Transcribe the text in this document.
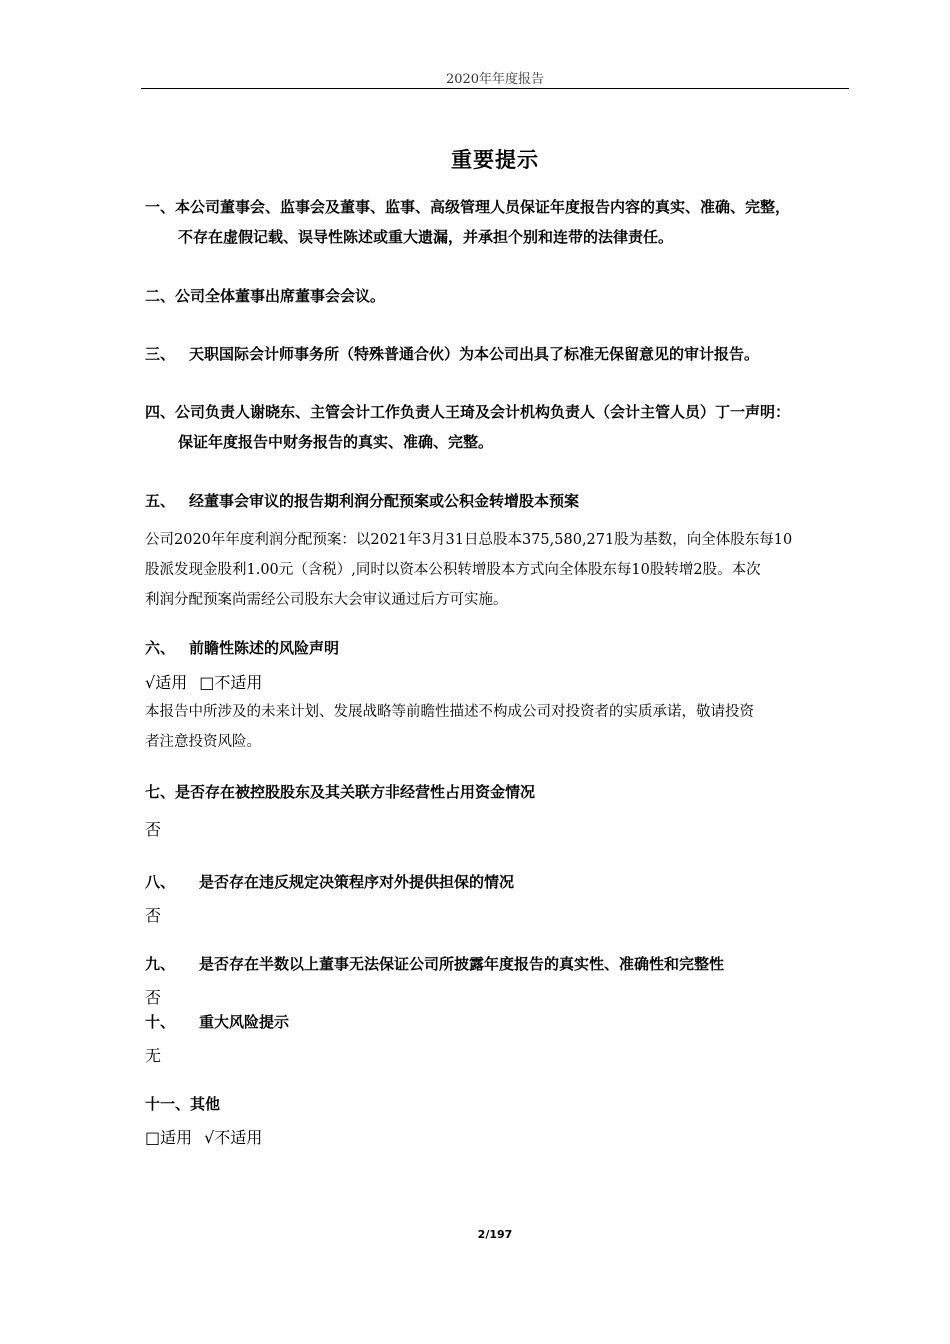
2020年年度报告
重要提示
一、本公司董事会、监事会及董事、监事、高级管理人员保证年度报告内容的真实、准确、完整，
不存在虚假记载、误导性陈述或重大遗漏，并承担个别和连带的法律责任。
二、公司全体董事出席董事会会议。
三、 天职国际会计师事务所（特殊普通合伙）为本公司出具了标准无保留意见的审计报告。
四、公司负责人谢晓东、主管会计工作负责人王琦及会计机构负责人（会计主管人员）丁一声明：
保证年度报告中财务报告的真实、准确、完整。
五、 经董事会审议的报告期利润分配预案或公积金转增股本预案
公司2020年年度利润分配预案：以2021年3月31日总股本375,580,271股为基数，向全体股东每10
股派发现金股利1.00元（含税）,同时以资本公积转增股本方式向全体股东每10股转增2股。本次
利润分配预案尚需经公司股东大会审议通过后方可实施。
六、 前瞻性陈述的风险声明
√适用 □不适用
本报告中所涉及的未来计划、发展战略等前瞻性描述不构成公司对投资者的实质承诺，敬请投资
者注意投资风险。
七、是否存在被控股股东及其关联方非经营性占用资金情况
否
八、 是否存在违反规定决策程序对外提供担保的情况
否
九、 是否存在半数以上董事无法保证公司所披露年度报告的真实性、准确性和完整性
否
十、 重大风险提示
无
十一、其他
□适用 √不适用
2/197
